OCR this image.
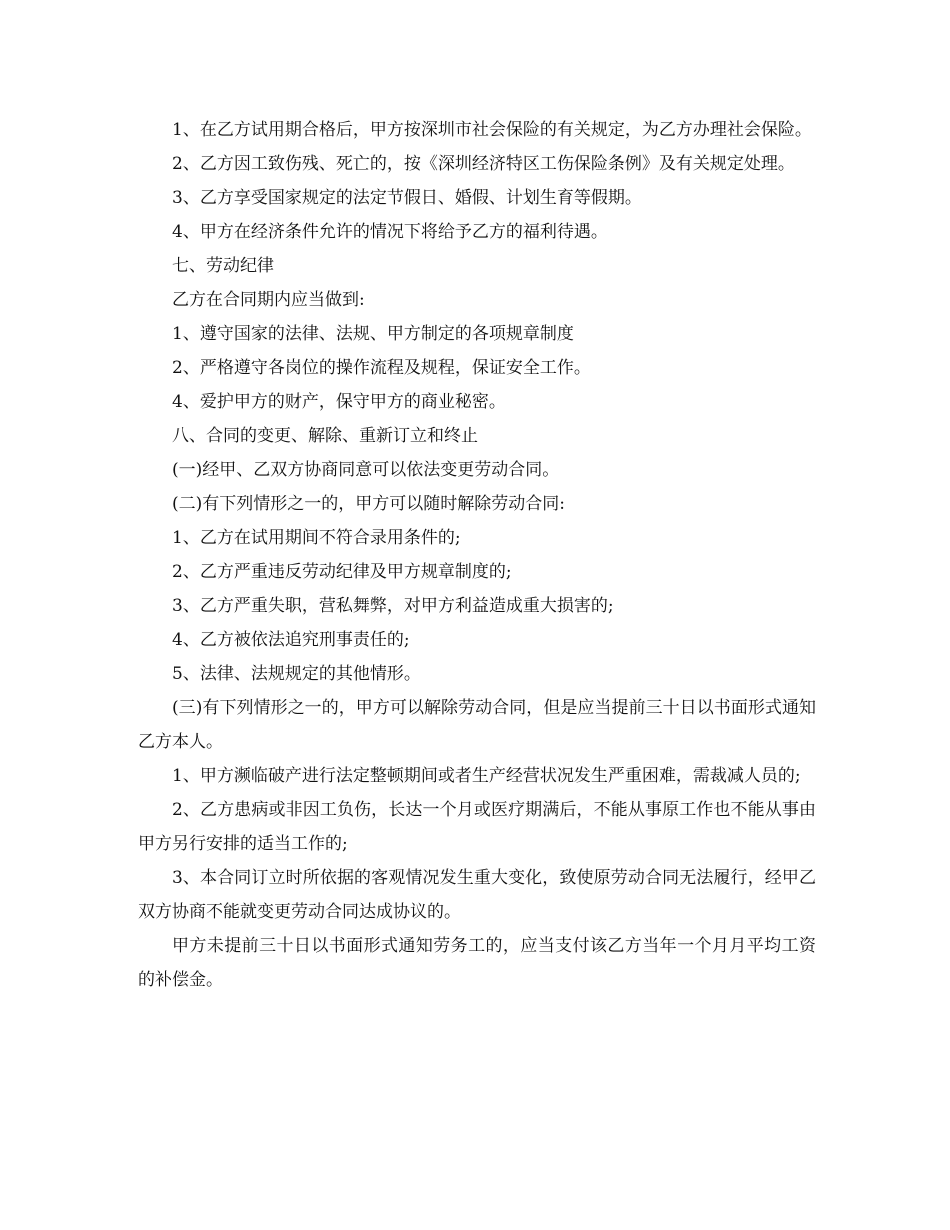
1、在乙方试用期合格后，甲方按深圳市社会保险的有关规定，为乙方办理社会保险。

2、乙方因工致伤残、死亡的，按《深圳经济特区工伤保险条例》及有关规定处理。

3、乙方享受国家规定的法定节假日、婚假、计划生育等假期。

4、甲方在经济条件允许的情况下将给予乙方的福利待遇。

七、劳动纪律

乙方在合同期内应当做到:

1、遵守国家的法律、法规、甲方制定的各项规章制度

2、严格遵守各岗位的操作流程及规程，保证安全工作。

4、爱护甲方的财产，保守甲方的商业秘密。

八、合同的变更、解除、重新订立和终止

(一)经甲、乙双方协商同意可以依法变更劳动合同。

(二)有下列情形之一的，甲方可以随时解除劳动合同:

1、乙方在试用期间不符合录用条件的;

2、乙方严重违反劳动纪律及甲方规章制度的;

3、乙方严重失职，营私舞弊，对甲方利益造成重大损害的;

4、乙方被依法追究刑事责任的;

5、法律、法规规定的其他情形。

(三)有下列情形之一的，甲方可以解除劳动合同，但是应当提前三十日以书面形式通知乙方本人。

1、甲方濒临破产进行法定整顿期间或者生产经营状况发生严重困难，需裁减人员的;

2、乙方患病或非因工负伤，长达一个月或医疗期满后，不能从事原工作也不能从事由甲方另行安排的适当工作的;

3、本合同订立时所依据的客观情况发生重大变化，致使原劳动合同无法履行，经甲乙双方协商不能就变更劳动合同达成协议的。

甲方未提前三十日以书面形式通知劳务工的，应当支付该乙方当年一个月月平均工资的补偿金。
